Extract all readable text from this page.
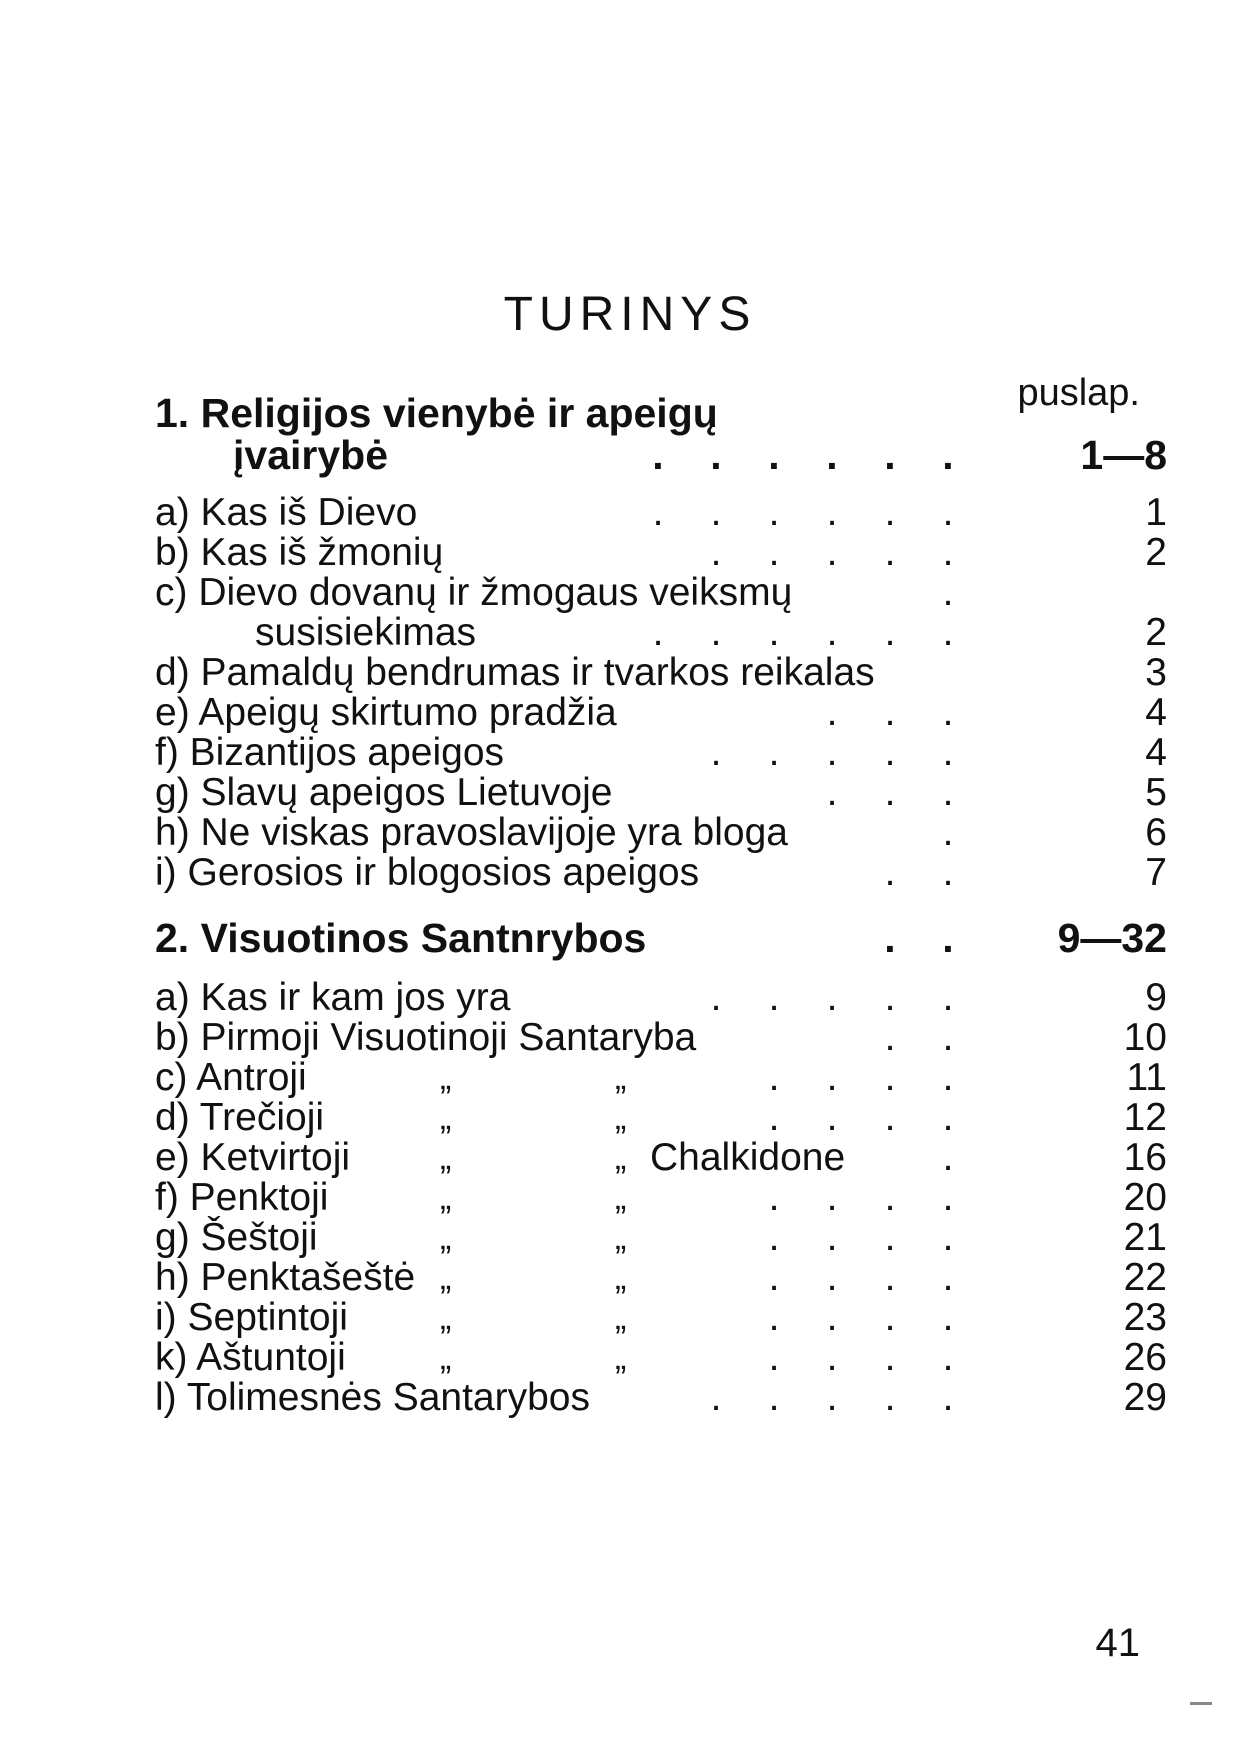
TURINYS
puslap.
1. Religijos vienybė ir apeigų
įvairybė	. . . . . .	1—8
a) Kas iš Dievo	. . . . . .	1
b) Kas iš žmonių	. . . . .	2
c) Dievo dovanų ir žmogaus veiksmų	.
susisiekimas	. . . . . .	2
d) Pamaldų bendrumas ir tvarkos reikalas	3
e) Apeigų skirtumo pradžia	. . .	4
f) Bizantijos apeigos	. . . . .	4
g) Slavų apeigos Lietuvoje	. . .	5
h) Ne viskas pravoslavijoje yra bloga	.	6
i) Gerosios ir blogosios apeigos	. .	7
2. Visuotinos Santnrybos	. .	9—32
a) Kas ir kam jos yra	. . . . .	9
b) Pirmoji Visuotinoji Santaryba	. .	10
c) Antroji	„	„	. . . .	11
d) Trečioji	„	„	. . . .	12
e) Ketvirtoji	„	„ Chalkidone	.	16
f) Penktoji	„	„	. . . .	20
g) Šeštoji	„	„	. . . .	21
h) Penktašeštė „	„	. . . .	22
i) Septintoji	„	„	. . . .	23
k) Aštuntoji	„	„	. . . .	26
l) Tolimesnės Santarybos	. . . . .	29
41
